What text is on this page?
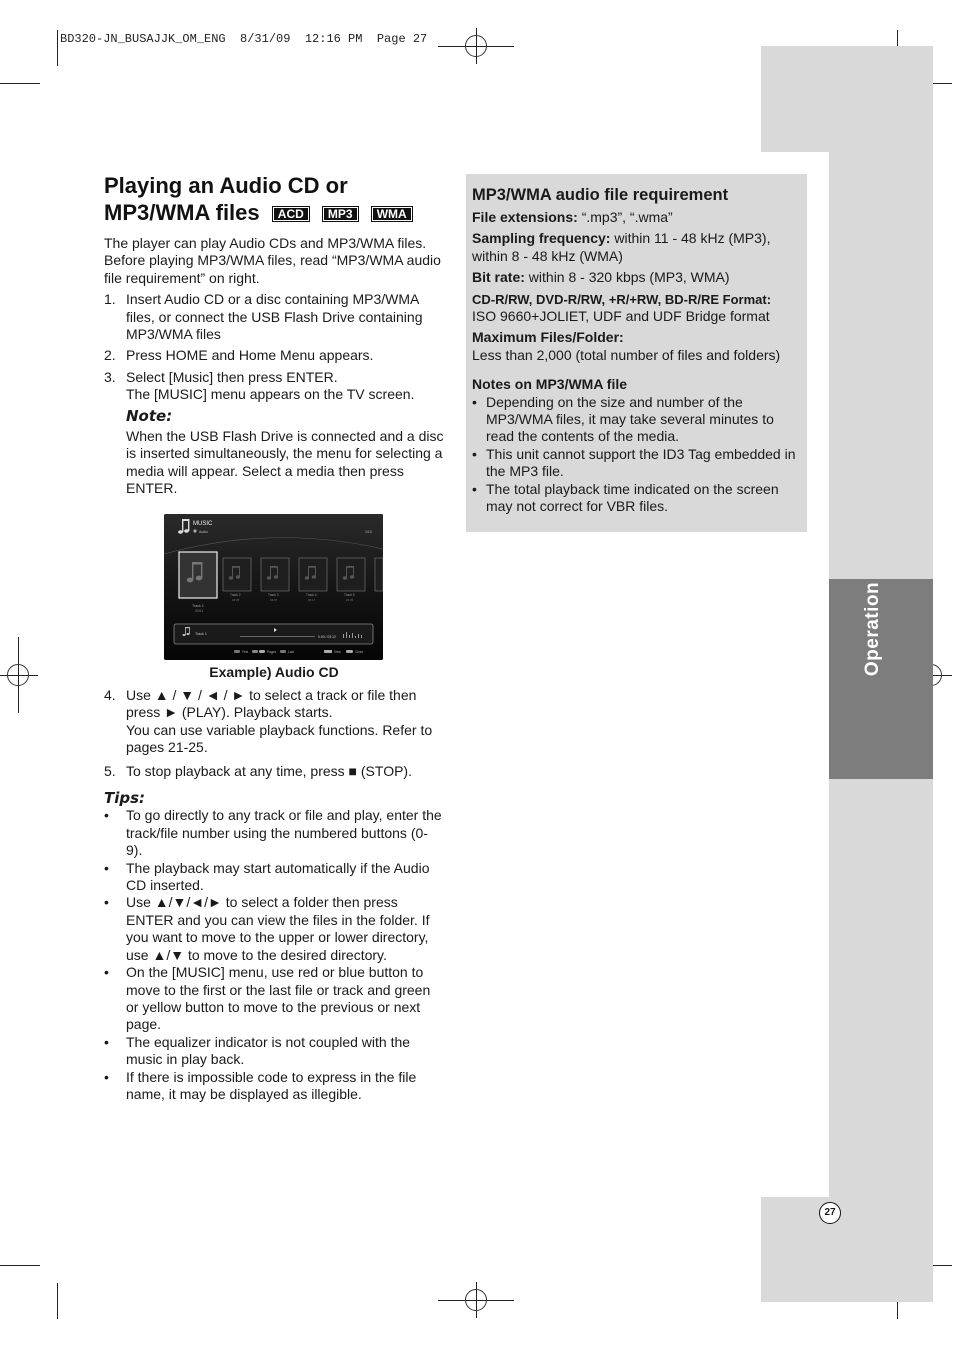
BD320-JN_BUSAJJK_OM_ENG  8/31/09  12:16 PM  Page 27
Operation
27
Playing an Audio CD or
MP3/WMA files ACD MP3 WMA

The player can play Audio CDs and MP3/WMA files. Before playing MP3/WMA files, read “MP3/WMA audio file requirement” on right.

1. Insert Audio CD or a disc containing MP3/WMA files, or connect the USB Flash Drive containing MP3/WMA files
2. Press HOME and Home Menu appears.
3. Select [Music] then press ENTER.
The [MUSIC] menu appears on the TV screen.
Note:
When the USB Flash Drive is connected and a disc is inserted simultaneously, the menu for selecting a media will appear. Select a media then press ENTER.
MUSIC
Audio	1/10
Track 1
00:01
Track 2
03:05
Track 3
03:07
Track 4
03:17
Track 5
04:25
Track 1
0:00 / 03:12
First	Pages	Last	View	Close
Example) Audio CD
4. Use ▲ / ▼ / ◄ / ► to select a track or file then press ► (PLAY). Playback starts.
You can use variable playback functions. Refer to pages 21-25.
5. To stop playback at any time, press ■ (STOP).
Tips:
• To go directly to any track or file and play, enter the track/file number using the numbered buttons (0-9).
• The playback may start automatically if the Audio CD inserted.
• Use ▲/▼/◄/► to select a folder then press ENTER and you can view the files in the folder. If you want to move to the upper or lower directory, use ▲/▼ to move to the desired directory.
• On the [MUSIC] menu, use red or blue button to move to the first or the last file or track and green or yellow button to move to the previous or next page.
• The equalizer indicator is not coupled with the music in play back.
• If there is impossible code to express in the file name, it may be displayed as illegible.
MP3/WMA audio file requirement

File extensions: “.mp3”, “.wma”

Sampling frequency: within 11 - 48 kHz (MP3), within 8 - 48 kHz (WMA)

Bit rate: within 8 - 320 kbps (MP3, WMA)

CD-R/RW, DVD-R/RW, +R/+RW, BD-R/RE Format:
ISO 9660+JOLIET, UDF and UDF Bridge format

Maximum Files/Folder:
Less than 2,000 (total number of files and folders)

Notes on MP3/WMA file

• Depending on the size and number of the MP3/WMA files, it may take several minutes to read the contents of the media.
• This unit cannot support the ID3 Tag embedded in the MP3 file.
• The total playback time indicated on the screen may not correct for VBR files.
